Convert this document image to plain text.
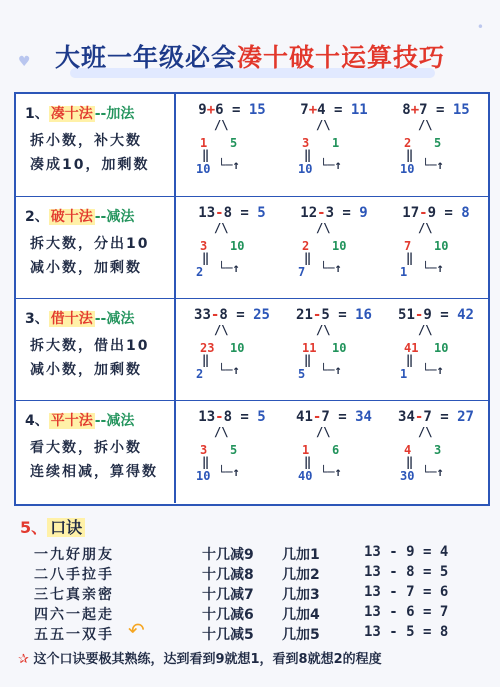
♥
•
大班一年级必会凑十破十运算技巧
1、 凑十法 --加法
拆小数，补大数
凑成10，加剩数
9+6 = 15
/\
1 5
‖
10 └─↑
7+4 = 11
/\
3 1
‖
10 └─↑
8+7 = 15
/\
2 5
‖
10 └─↑
2、 破十法 --减法
拆大数，分出10
减小数，加剩数
13-8 = 5
/\
3 10
‖
2 └─↑
12-3 = 9
/\
2 10
‖
7 └─↑
17-9 = 8
/\
7 10
‖
1 └─↑
3、 借十法 --减法
拆大数，借出10
减小数，加剩数
33-8 = 25
/\
23 10
‖
2 └─↑
21-5 = 16
/\
11 10
‖
5 └─↑
51-9 = 42
/\
41 10
‖
1 └─↑
4、 平十法 --减法
看大数，拆小数
连续相减，算得数
13-8 = 5
/\
3 5
‖
10 └─↑
41-7 = 34
/\
1 6
‖
40 └─↑
34-7 = 27
/\
4 3
‖
30 └─↑
5、 口诀
一九好朋友	十几减9	几加1	13 - 9 = 4
二八手拉手	十几减8	几加2	13 - 8 = 5
三七真亲密	十几减7	几加3	13 - 7 = 6
四六一起走	十几减6	几加4	13 - 6 = 7
五五一双手	十几减5	几加5	13 - 5 = 8
↶
✰ 这个口诀要极其熟练，达到看到9就想1，看到8就想2的程度
